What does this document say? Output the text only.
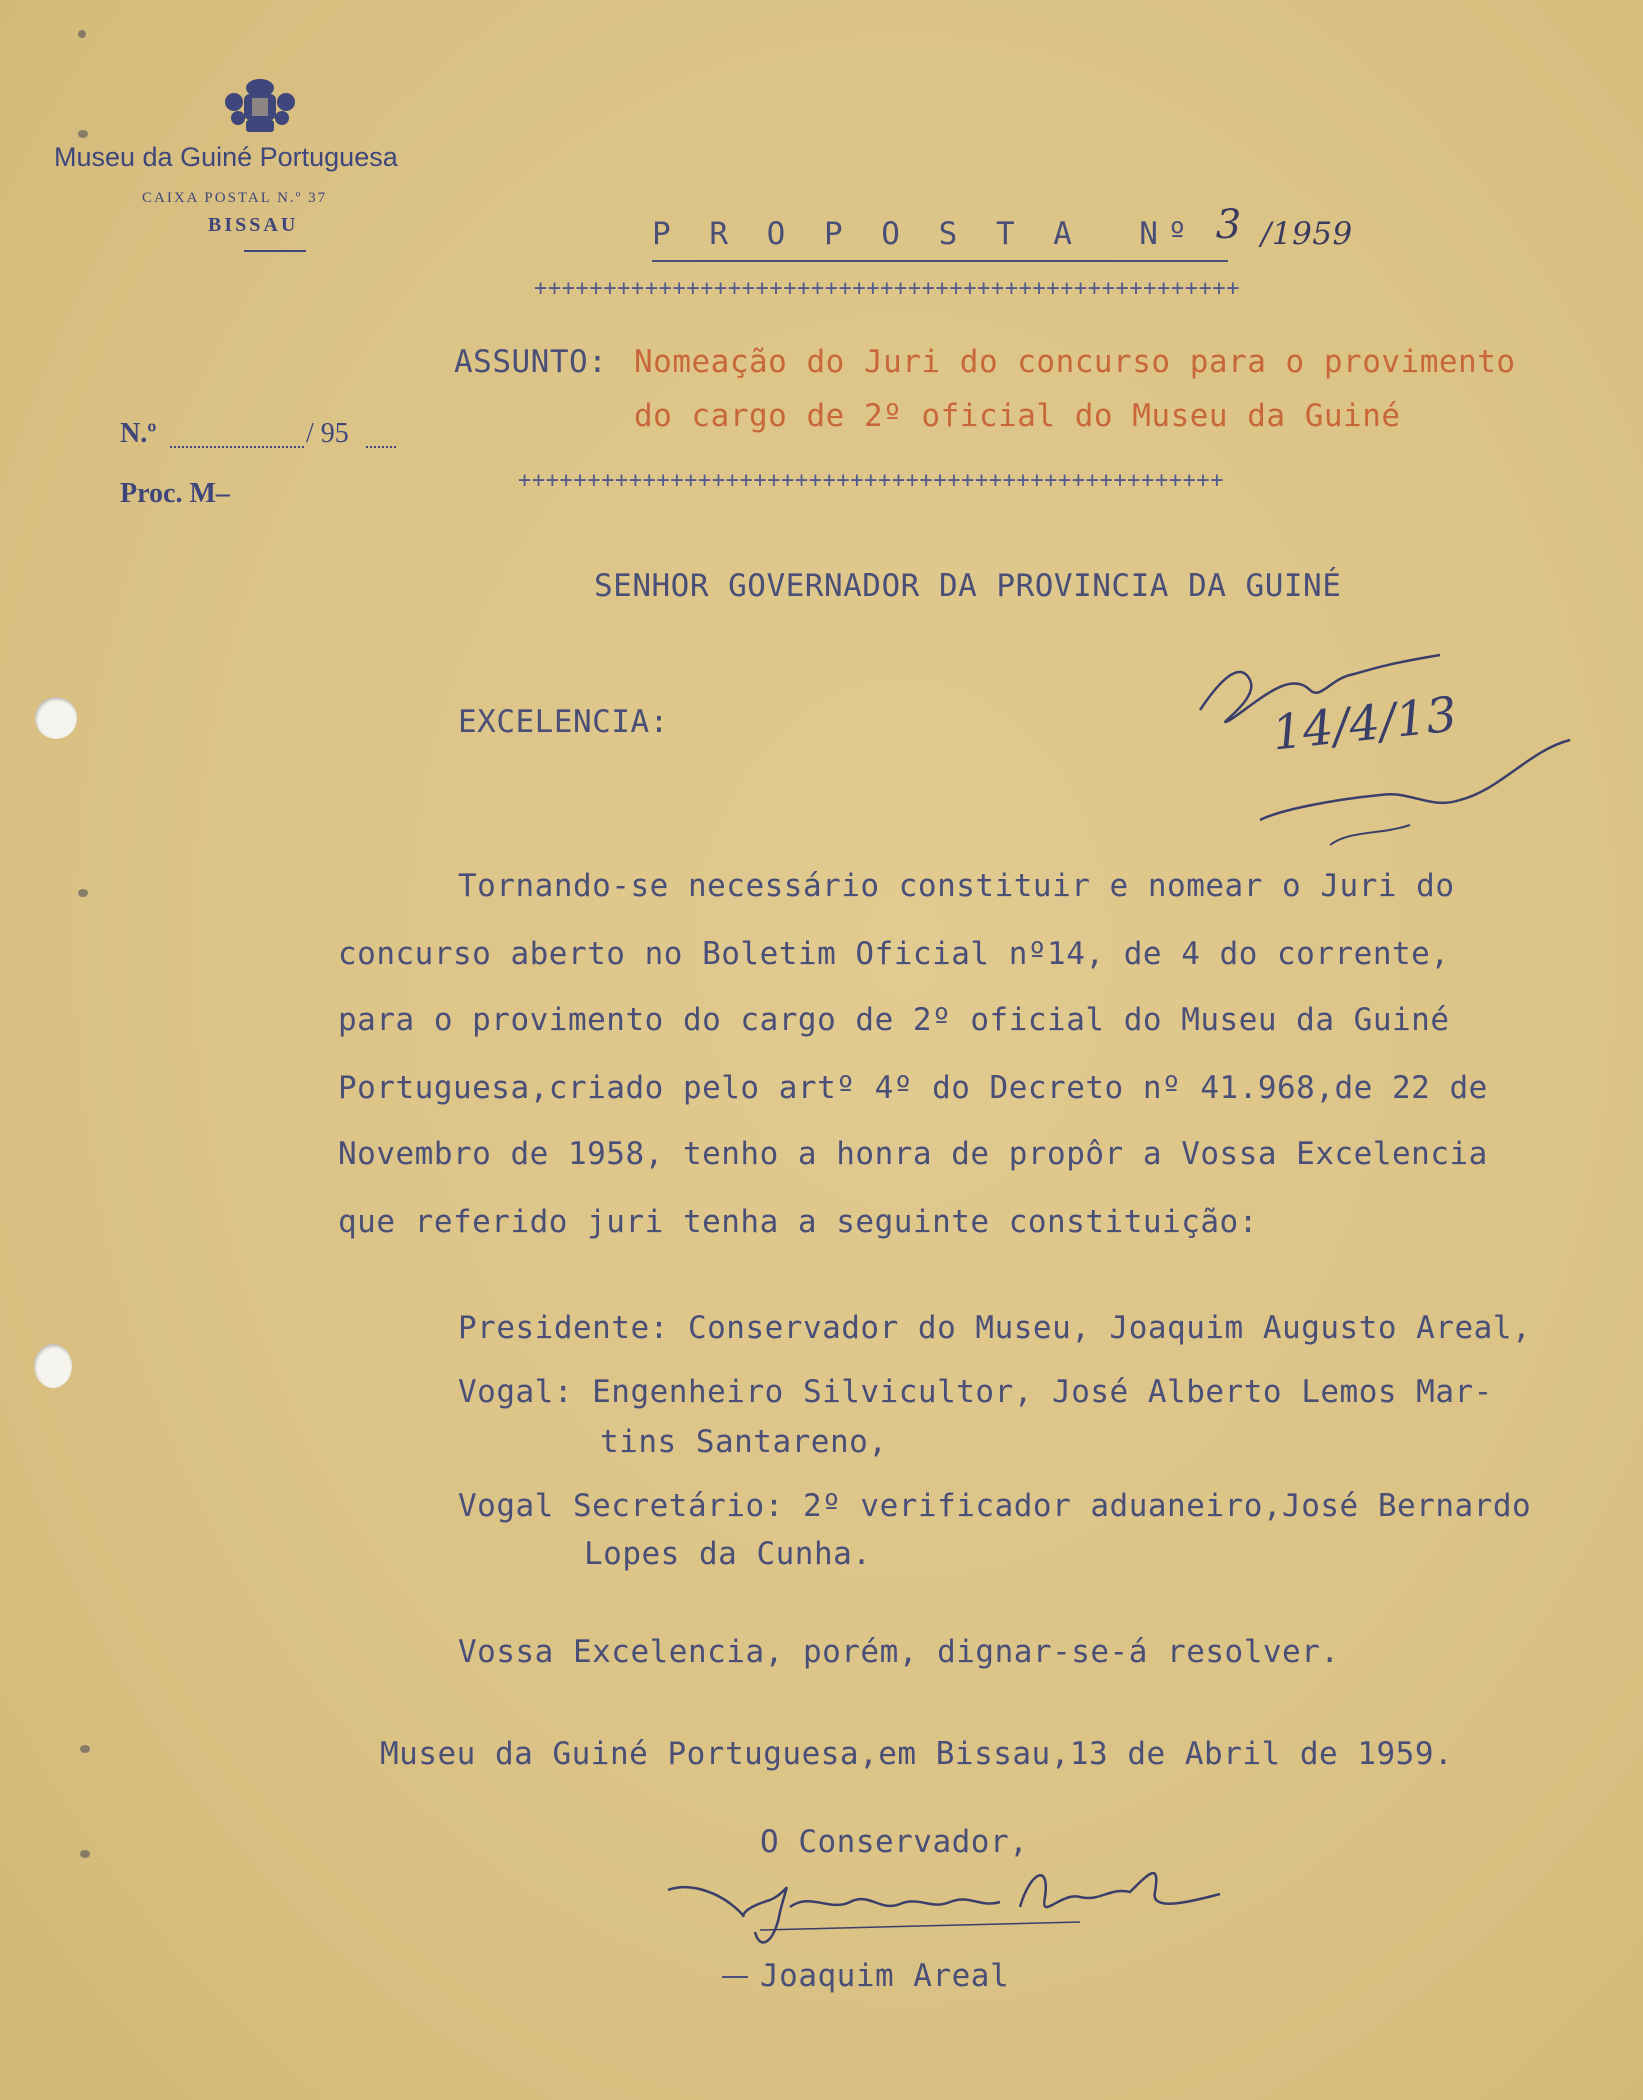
Museu da Guiné Portuguesa
CAIXA POSTAL N.º 37
BISSAU
N.º	/ 95
Proc. M–
P R O P O S T A  Nº 3 /1959
+++++++++++++++++++++++++++++++++++++++++++++++++++
+++++++++++++++++++++++++++++++++++++++++++++++++++
ASSUNTO: Nomeação do Juri do concurso para o provimento
do cargo de 2º oficial do Museu da Guiné
SENHOR GOVERNADOR DA PROVINCIA DA GUINÉ
EXCELENCIA:	14/4/13
Tornando-se necessário constituir e nomear o Juri do
concurso aberto no Boletim Oficial nº14, de 4 do corrente,
para o provimento do cargo de 2º oficial do Museu da Guiné
Portuguesa,criado pelo artº 4º do Decreto nº 41.968,de 22 de
Novembro de 1958, tenho a honra de propôr a Vossa Excelencia
que referido juri tenha a seguinte constituição:
Presidente: Conservador do Museu, Joaquim Augusto Areal,
Vogal: Engenheiro Silvicultor, José Alberto Lemos Mar-
tins Santareno,
Vogal Secretário: 2º verificador aduaneiro,José Bernardo
Lopes da Cunha.
Vossa Excelencia, porém, dignar-se-á resolver.
Museu da Guiné Portuguesa,em Bissau,13 de Abril de 1959.
O Conservador,
Joaquim Areal
